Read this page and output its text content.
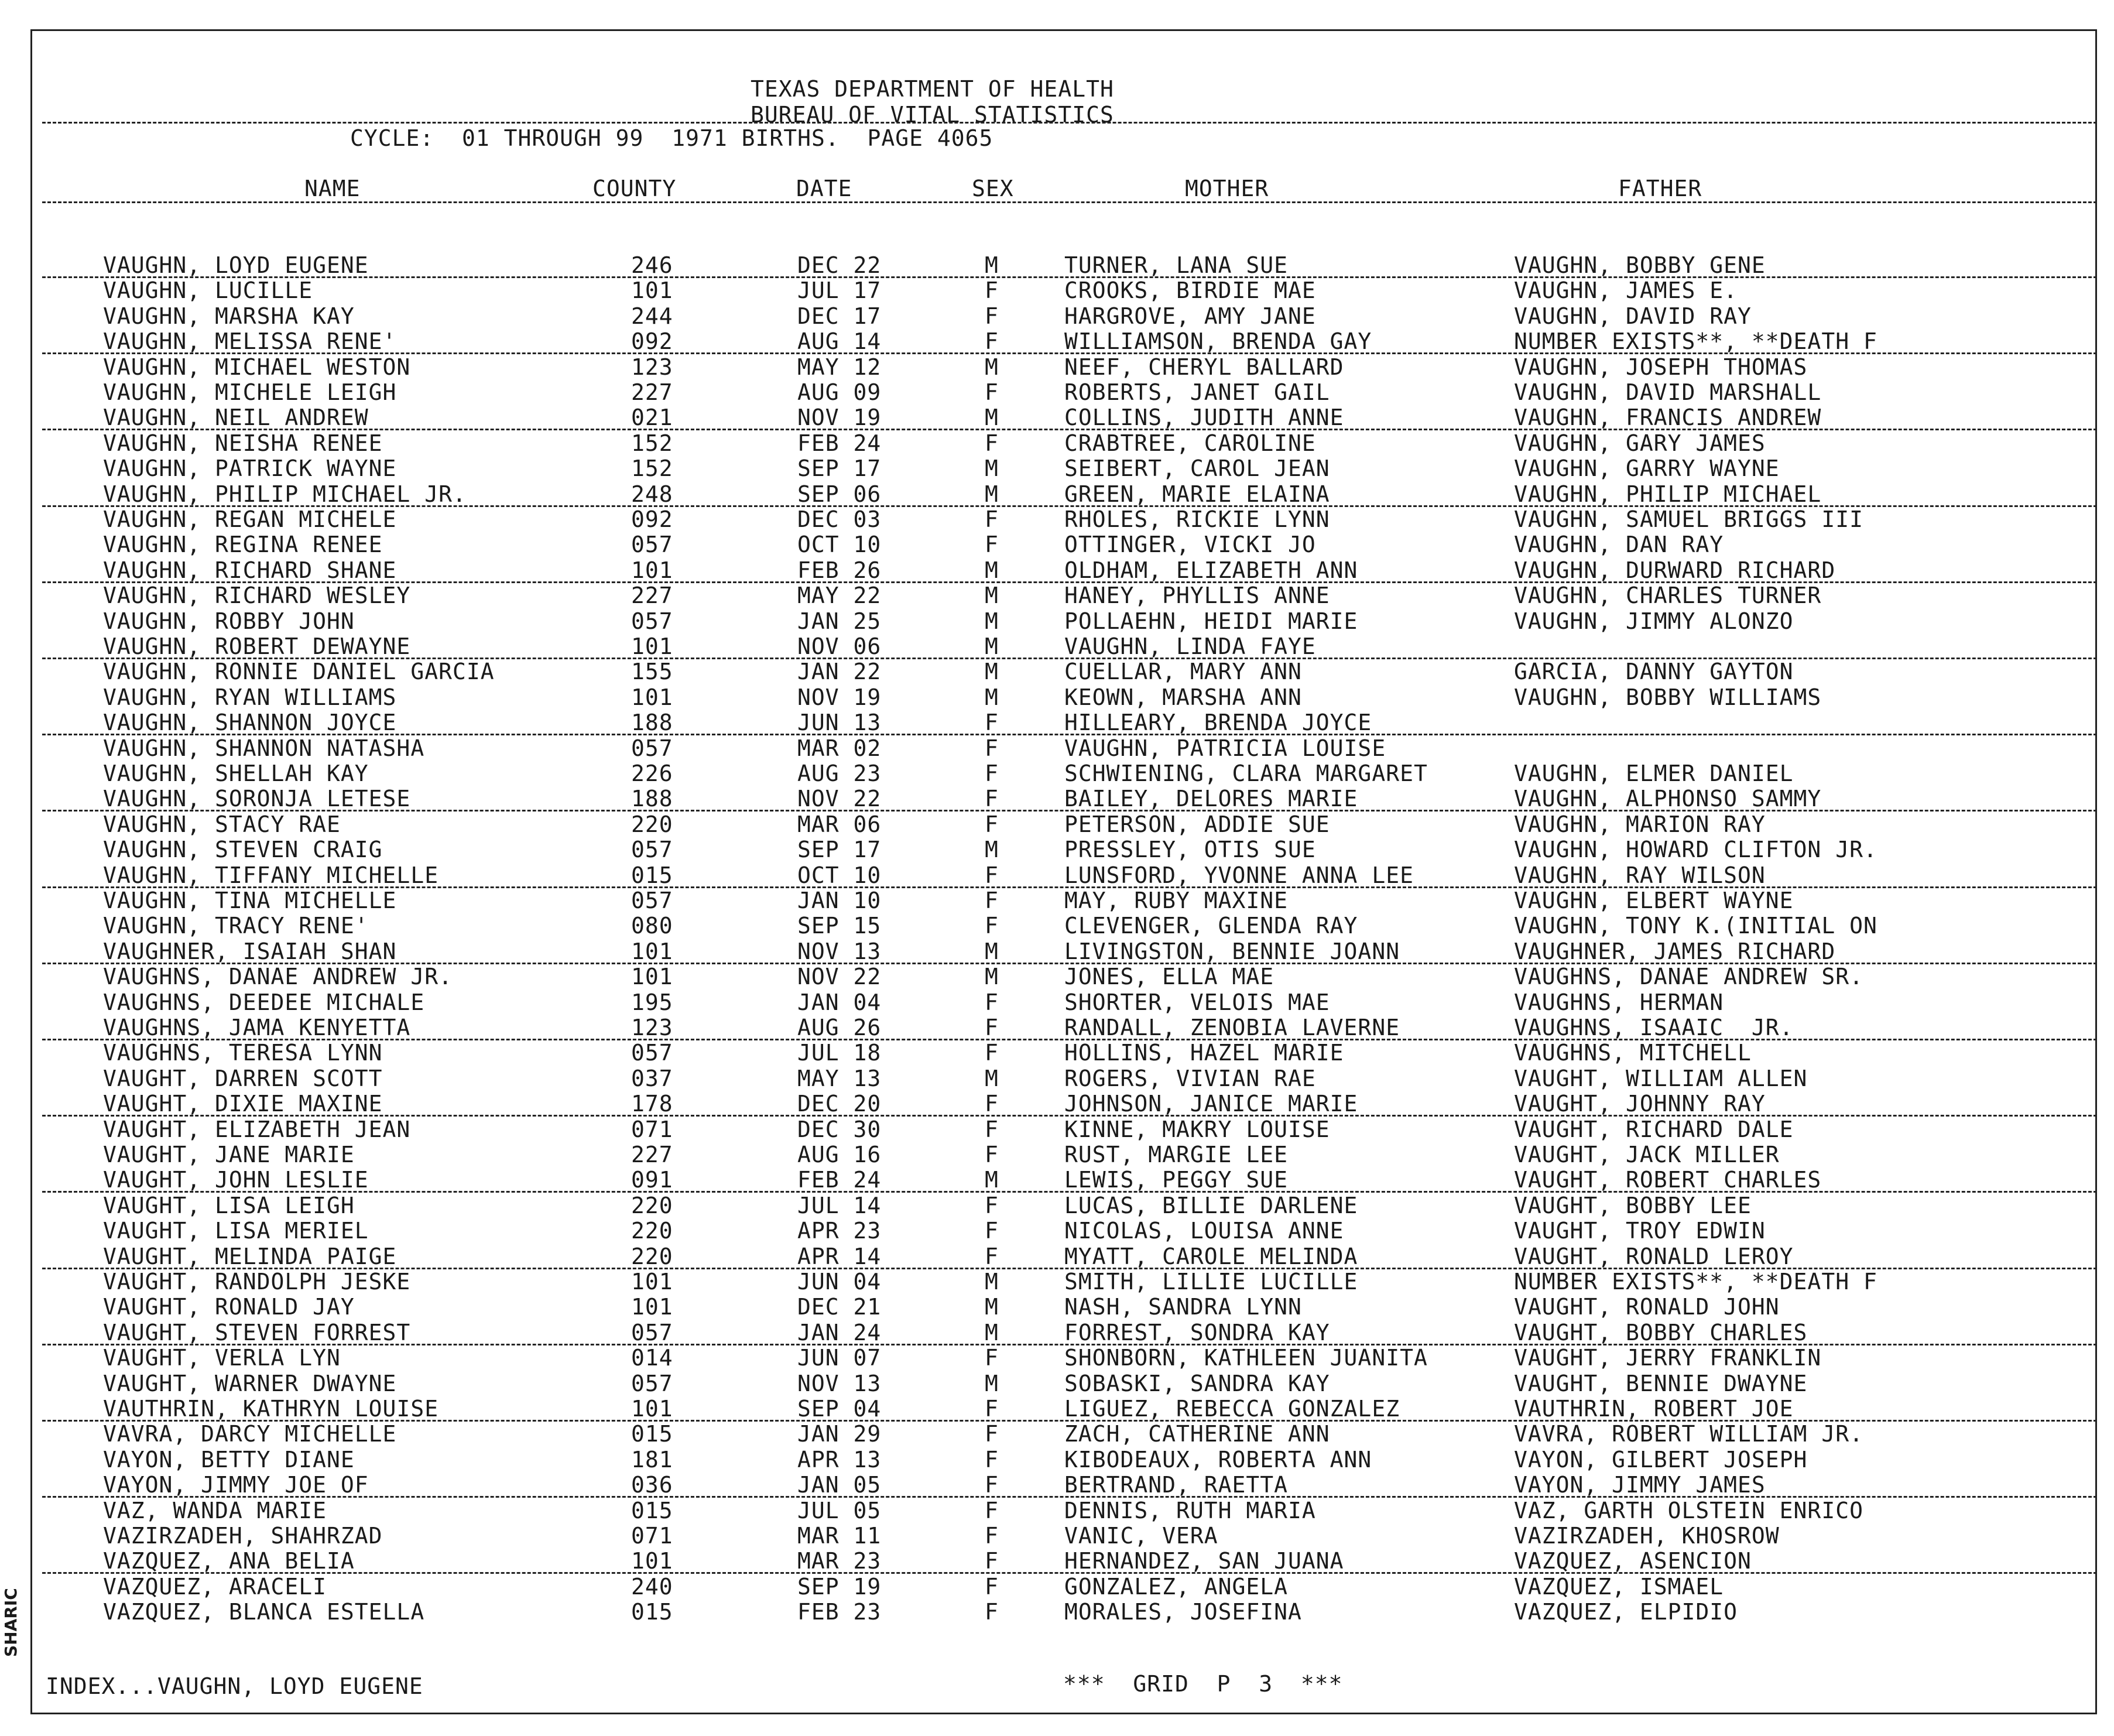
TEXAS DEPARTMENT OF HEALTH
BUREAU OF VITAL STATISTICS
CYCLE:  01 THROUGH 99  1971 BIRTHS.  PAGE 4065
NAME	COUNTY	DATE	SEX	MOTHER	FATHER
VAUGHN, LOYD EUGENE	246	DEC 22	M	TURNER, LANA SUE	VAUGHN, BOBBY GENE
VAUGHN, LUCILLE	101	JUL 17	F	CROOKS, BIRDIE MAE	VAUGHN, JAMES E.
VAUGHN, MARSHA KAY	244	DEC 17	F	HARGROVE, AMY JANE	VAUGHN, DAVID RAY
VAUGHN, MELISSA RENE'	092	AUG 14	F	WILLIAMSON, BRENDA GAY	NUMBER EXISTS**, **DEATH F
VAUGHN, MICHAEL WESTON	123	MAY 12	M	NEEF, CHERYL BALLARD	VAUGHN, JOSEPH THOMAS
VAUGHN, MICHELE LEIGH	227	AUG 09	F	ROBERTS, JANET GAIL	VAUGHN, DAVID MARSHALL
VAUGHN, NEIL ANDREW	021	NOV 19	M	COLLINS, JUDITH ANNE	VAUGHN, FRANCIS ANDREW
VAUGHN, NEISHA RENEE	152	FEB 24	F	CRABTREE, CAROLINE	VAUGHN, GARY JAMES
VAUGHN, PATRICK WAYNE	152	SEP 17	M	SEIBERT, CAROL JEAN	VAUGHN, GARRY WAYNE
VAUGHN, PHILIP MICHAEL JR.	248	SEP 06	M	GREEN, MARIE ELAINA	VAUGHN, PHILIP MICHAEL
VAUGHN, REGAN MICHELE	092	DEC 03	F	RHOLES, RICKIE LYNN	VAUGHN, SAMUEL BRIGGS III
VAUGHN, REGINA RENEE	057	OCT 10	F	OTTINGER, VICKI JO	VAUGHN, DAN RAY
VAUGHN, RICHARD SHANE	101	FEB 26	M	OLDHAM, ELIZABETH ANN	VAUGHN, DURWARD RICHARD
VAUGHN, RICHARD WESLEY	227	MAY 22	M	HANEY, PHYLLIS ANNE	VAUGHN, CHARLES TURNER
VAUGHN, ROBBY JOHN	057	JAN 25	M	POLLAEHN, HEIDI MARIE	VAUGHN, JIMMY ALONZO
VAUGHN, ROBERT DEWAYNE	101	NOV 06	M	VAUGHN, LINDA FAYE
VAUGHN, RONNIE DANIEL GARCIA	155	JAN 22	M	CUELLAR, MARY ANN	GARCIA, DANNY GAYTON
VAUGHN, RYAN WILLIAMS	101	NOV 19	M	KEOWN, MARSHA ANN	VAUGHN, BOBBY WILLIAMS
VAUGHN, SHANNON JOYCE	188	JUN 13	F	HILLEARY, BRENDA JOYCE
VAUGHN, SHANNON NATASHA	057	MAR 02	F	VAUGHN, PATRICIA LOUISE
VAUGHN, SHELLAH KAY	226	AUG 23	F	SCHWIENING, CLARA MARGARET	VAUGHN, ELMER DANIEL
VAUGHN, SORONJA LETESE	188	NOV 22	F	BAILEY, DELORES MARIE	VAUGHN, ALPHONSO SAMMY
VAUGHN, STACY RAE	220	MAR 06	F	PETERSON, ADDIE SUE	VAUGHN, MARION RAY
VAUGHN, STEVEN CRAIG	057	SEP 17	M	PRESSLEY, OTIS SUE	VAUGHN, HOWARD CLIFTON JR.
VAUGHN, TIFFANY MICHELLE	015	OCT 10	F	LUNSFORD, YVONNE ANNA LEE	VAUGHN, RAY WILSON
VAUGHN, TINA MICHELLE	057	JAN 10	F	MAY, RUBY MAXINE	VAUGHN, ELBERT WAYNE
VAUGHN, TRACY RENE'	080	SEP 15	F	CLEVENGER, GLENDA RAY	VAUGHN, TONY K.(INITIAL ON
VAUGHNER, ISAIAH SHAN	101	NOV 13	M	LIVINGSTON, BENNIE JOANN	VAUGHNER, JAMES RICHARD
VAUGHNS, DANAE ANDREW JR.	101	NOV 22	M	JONES, ELLA MAE	VAUGHNS, DANAE ANDREW SR.
VAUGHNS, DEEDEE MICHALE	195	JAN 04	F	SHORTER, VELOIS MAE	VAUGHNS, HERMAN
VAUGHNS, JAMA KENYETTA	123	AUG 26	F	RANDALL, ZENOBIA LAVERNE	VAUGHNS, ISAAIC  JR.
VAUGHNS, TERESA LYNN	057	JUL 18	F	HOLLINS, HAZEL MARIE	VAUGHNS, MITCHELL
VAUGHT, DARREN SCOTT	037	MAY 13	M	ROGERS, VIVIAN RAE	VAUGHT, WILLIAM ALLEN
VAUGHT, DIXIE MAXINE	178	DEC 20	F	JOHNSON, JANICE MARIE	VAUGHT, JOHNNY RAY
VAUGHT, ELIZABETH JEAN	071	DEC 30	F	KINNE, MAKRY LOUISE	VAUGHT, RICHARD DALE
VAUGHT, JANE MARIE	227	AUG 16	F	RUST, MARGIE LEE	VAUGHT, JACK MILLER
VAUGHT, JOHN LESLIE	091	FEB 24	M	LEWIS, PEGGY SUE	VAUGHT, ROBERT CHARLES
VAUGHT, LISA LEIGH	220	JUL 14	F	LUCAS, BILLIE DARLENE	VAUGHT, BOBBY LEE
VAUGHT, LISA MERIEL	220	APR 23	F	NICOLAS, LOUISA ANNE	VAUGHT, TROY EDWIN
VAUGHT, MELINDA PAIGE	220	APR 14	F	MYATT, CAROLE MELINDA	VAUGHT, RONALD LEROY
VAUGHT, RANDOLPH JESKE	101	JUN 04	M	SMITH, LILLIE LUCILLE	NUMBER EXISTS**, **DEATH F
VAUGHT, RONALD JAY	101	DEC 21	M	NASH, SANDRA LYNN	VAUGHT, RONALD JOHN
VAUGHT, STEVEN FORREST	057	JAN 24	M	FORREST, SONDRA KAY	VAUGHT, BOBBY CHARLES
VAUGHT, VERLA LYN	014	JUN 07	F	SHONBORN, KATHLEEN JUANITA	VAUGHT, JERRY FRANKLIN
VAUGHT, WARNER DWAYNE	057	NOV 13	M	SOBASKI, SANDRA KAY	VAUGHT, BENNIE DWAYNE
VAUTHRIN, KATHRYN LOUISE	101	SEP 04	F	LIGUEZ, REBECCA GONZALEZ	VAUTHRIN, ROBERT JOE
VAVRA, DARCY MICHELLE	015	JAN 29	F	ZACH, CATHERINE ANN	VAVRA, ROBERT WILLIAM JR.
VAYON, BETTY DIANE	181	APR 13	F	KIBODEAUX, ROBERTA ANN	VAYON, GILBERT JOSEPH
VAYON, JIMMY JOE OF	036	JAN 05	F	BERTRAND, RAETTA	VAYON, JIMMY JAMES
VAZ, WANDA MARIE	015	JUL 05	F	DENNIS, RUTH MARIA	VAZ, GARTH OLSTEIN ENRICO
VAZIRZADEH, SHAHRZAD	071	MAR 11	F	VANIC, VERA	VAZIRZADEH, KHOSROW
VAZQUEZ, ANA BELIA	101	MAR 23	F	HERNANDEZ, SAN JUANA	VAZQUEZ, ASENCION
VAZQUEZ, ARACELI	240	SEP 19	F	GONZALEZ, ANGELA	VAZQUEZ, ISMAEL
VAZQUEZ, BLANCA ESTELLA	015	FEB 23	F	MORALES, JOSEFINA	VAZQUEZ, ELPIDIO
INDEX...VAUGHN, LOYD EUGENE	***  GRID  P  3  ***
SHARIC
